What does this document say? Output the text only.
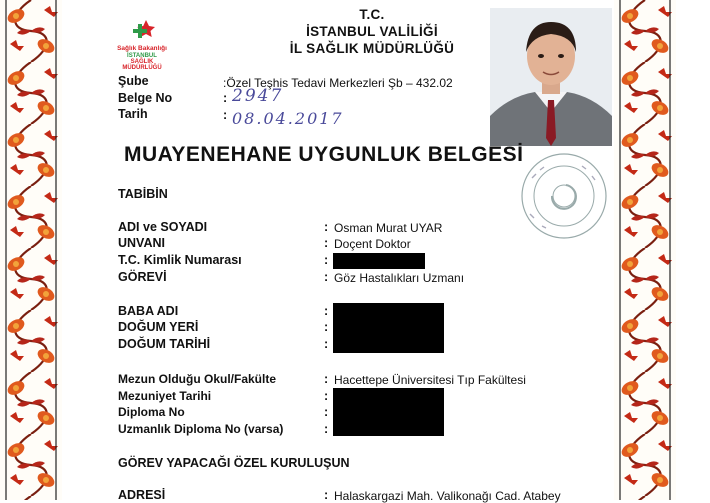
Sağlık Bakanlığı
İSTANBUL
SAĞLIK
MÜDÜRLÜĞÜ
T.C.
İSTANBUL VALİLİĞİ
İL SAĞLIK MÜDÜRLÜĞÜ
Şube	:Özel Teşhis Tedavi Merkezleri Şb – 432.02
Belge No	: 2947
Tarih	: 08.04.2017
MUAYENEHANE UYGUNLUK BELGESİ
TABİBİN
ADI ve SOYADI	: Osman Murat UYAR
UNVANI	: Doçent Doktor
T.C. Kimlik Numarası	:
GÖREVİ	: Göz Hastalıkları Uzmanı
BABA ADI	:
DOĞUM YERİ	:
DOĞUM TARİHİ	:
Mezun Olduğu Okul/Fakülte	: Hacettepe Üniversitesi Tıp Fakültesi
Mezuniyet Tarihi	:
Diploma No	:
Uzmanlık Diploma No (varsa)	:
GÖREV YAPACAĞI ÖZEL KURULUŞUN
ADRESİ	: Halaskargazi Mah. Valikonağı Cad. Atabey
